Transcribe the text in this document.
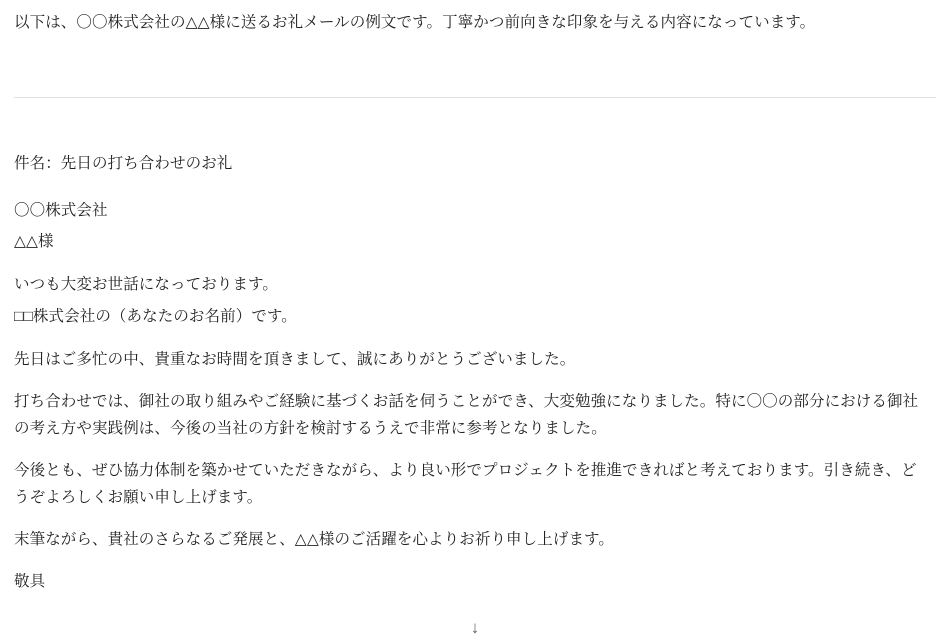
以下は、〇〇株式会社の△△様に送るお礼メールの例文です。丁寧かつ前向きな印象を与える内容になっています。

件名：先日の打ち合わせのお礼

〇〇株式会社

△△様

いつも大変お世話になっております。

□□株式会社の（あなたのお名前）です。

先日はご多忙の中、貴重なお時間を頂きまして、誠にありがとうございました。

打ち合わせでは、御社の取り組みやご経験に基づくお話を伺うことができ、大変勉強になりました。特に〇〇の部分における御社の考え方や実践例は、今後の当社の方針を検討するうえで非常に参考となりました。

今後とも、ぜひ協力体制を築かせていただきながら、より良い形でプロジェクトを推進できればと考えております。引き続き、どうぞよろしくお願い申し上げます。

末筆ながら、貴社のさらなるご発展と、△△様のご活躍を心よりお祈り申し上げます。

敬具

↓
